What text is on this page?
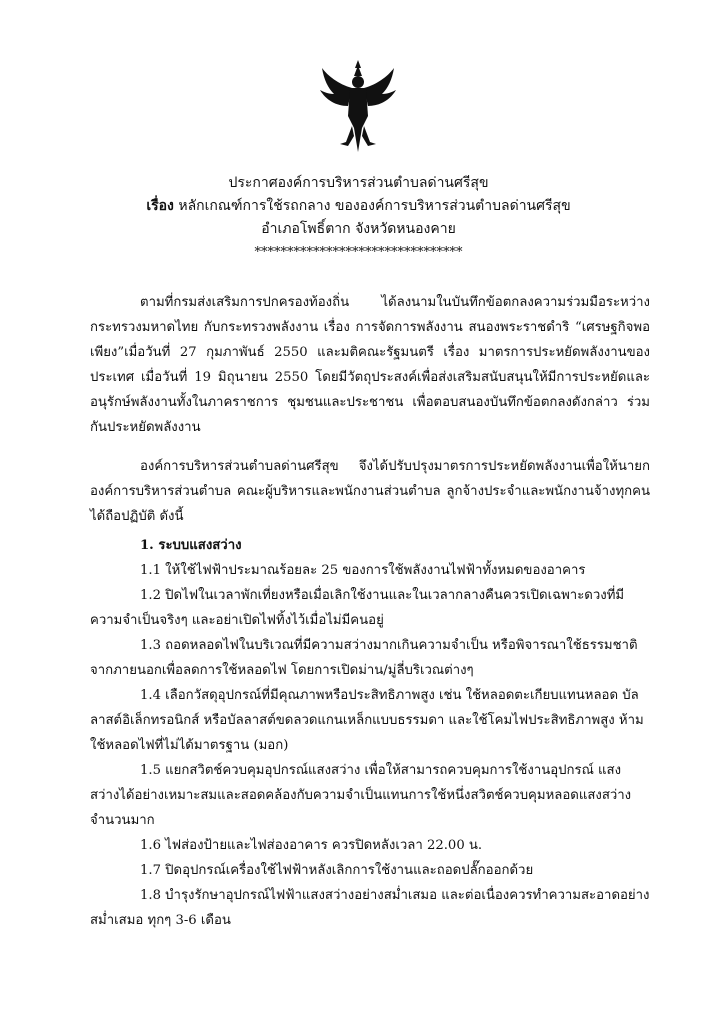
ประกาศองค์การบริหารส่วนตำบลด่านศรีสุข
เรื่อง หลักเกณฑ์การใช้รถกลาง ขององค์การบริหารส่วนตำบลด่านศรีสุข
อำเภอโพธิ์ตาก จังหวัดหนองคาย
********************************

ตามที่กรมส่งเสริมการปกครองท้องถิ่น ได้ลงนามในบันทึกข้อตกลงความร่วมมือระหว่าง กระทรวงมหาดไทย กับกระทรวงพลังงาน เรื่อง การจัดการพลังงาน สนองพระราชดำริ “เศรษฐกิจพอเพียง”เมื่อวันที่ 27 กุมภาพันธ์ 2550 และมติคณะรัฐมนตรี เรื่อง มาตรการประหยัดพลังงานของประเทศ เมื่อวันที่ 19 มิถุนายน 2550 โดยมีวัตถุประสงค์เพื่อส่งเสริมสนับสนุนให้มีการประหยัดและอนุรักษ์พลังงานทั้งในภาคราชการ ชุมชนและประชาชน เพื่อตอบสนองบันทึกข้อตกลงดังกล่าว ร่วมกันประหยัดพลังงาน

องค์การบริหารส่วนตำบลด่านศรีสุข จึงได้ปรับปรุงมาตรการประหยัดพลังงานเพื่อให้นายกองค์การบริหารส่วนตำบล คณะผู้บริหารและพนักงานส่วนตำบล ลูกจ้างประจำและพนักงานจ้างทุกคนได้ถือปฏิบัติ ดังนี้

1. ระบบแสงสว่าง

1.1 ให้ใช้ไฟฟ้าประมาณร้อยละ 25 ของการใช้พลังงานไฟฟ้าทั้งหมดของอาคาร

1.2 ปิดไฟในเวลาพักเที่ยงหรือเมื่อเลิกใช้งานและในเวลากลางคืนควรเปิดเฉพาะดวงที่มีความจำเป็นจริงๆ และอย่าเปิดไฟทิ้งไว้เมื่อไม่มีคนอยู่

1.3 ถอดหลอดไฟในบริเวณที่มีความสว่างมากเกินความจำเป็น หรือพิจารณาใช้ธรรมชาติจากภายนอกเพื่อลดการใช้หลอดไฟ โดยการเปิดม่าน/มู่ลี่บริเวณต่างๆ

1.4 เลือกวัสดุอุปกรณ์ที่มีคุณภาพหรือประสิทธิภาพสูง เช่น ใช้หลอดตะเกียบแทนหลอด บัลลาสต์อิเล็กทรอนิกส์ หรือบัลลาสต์ขดลวดแกนเหล็กแบบธรรมดา และใช้โคมไฟประสิทธิภาพสูง ห้ามใช้หลอดไฟที่ไม่ได้มาตรฐาน (มอก)

1.5 แยกสวิตช์ควบคุมอุปกรณ์แสงสว่าง เพื่อให้สามารถควบคุมการใช้งานอุปกรณ์ แสงสว่างได้อย่างเหมาะสมและสอดคล้องกับความจำเป็นแทนการใช้หนึ่งสวิตช์ควบคุมหลอดแสงสว่างจำนวนมาก

1.6 ไฟส่องป้ายและไฟส่องอาคาร ควรปิดหลังเวลา 22.00 น.

1.7 ปิดอุปกรณ์เครื่องใช้ไฟฟ้าหลังเลิกการใช้งานและถอดปลั๊กออกด้วย

1.8 บำรุงรักษาอุปกรณ์ไฟฟ้าแสงสว่างอย่างสม่ำเสมอ และต่อเนื่องควรทำความสะอาดอย่างสม่ำเสมอ ทุกๆ 3-6 เดือน
